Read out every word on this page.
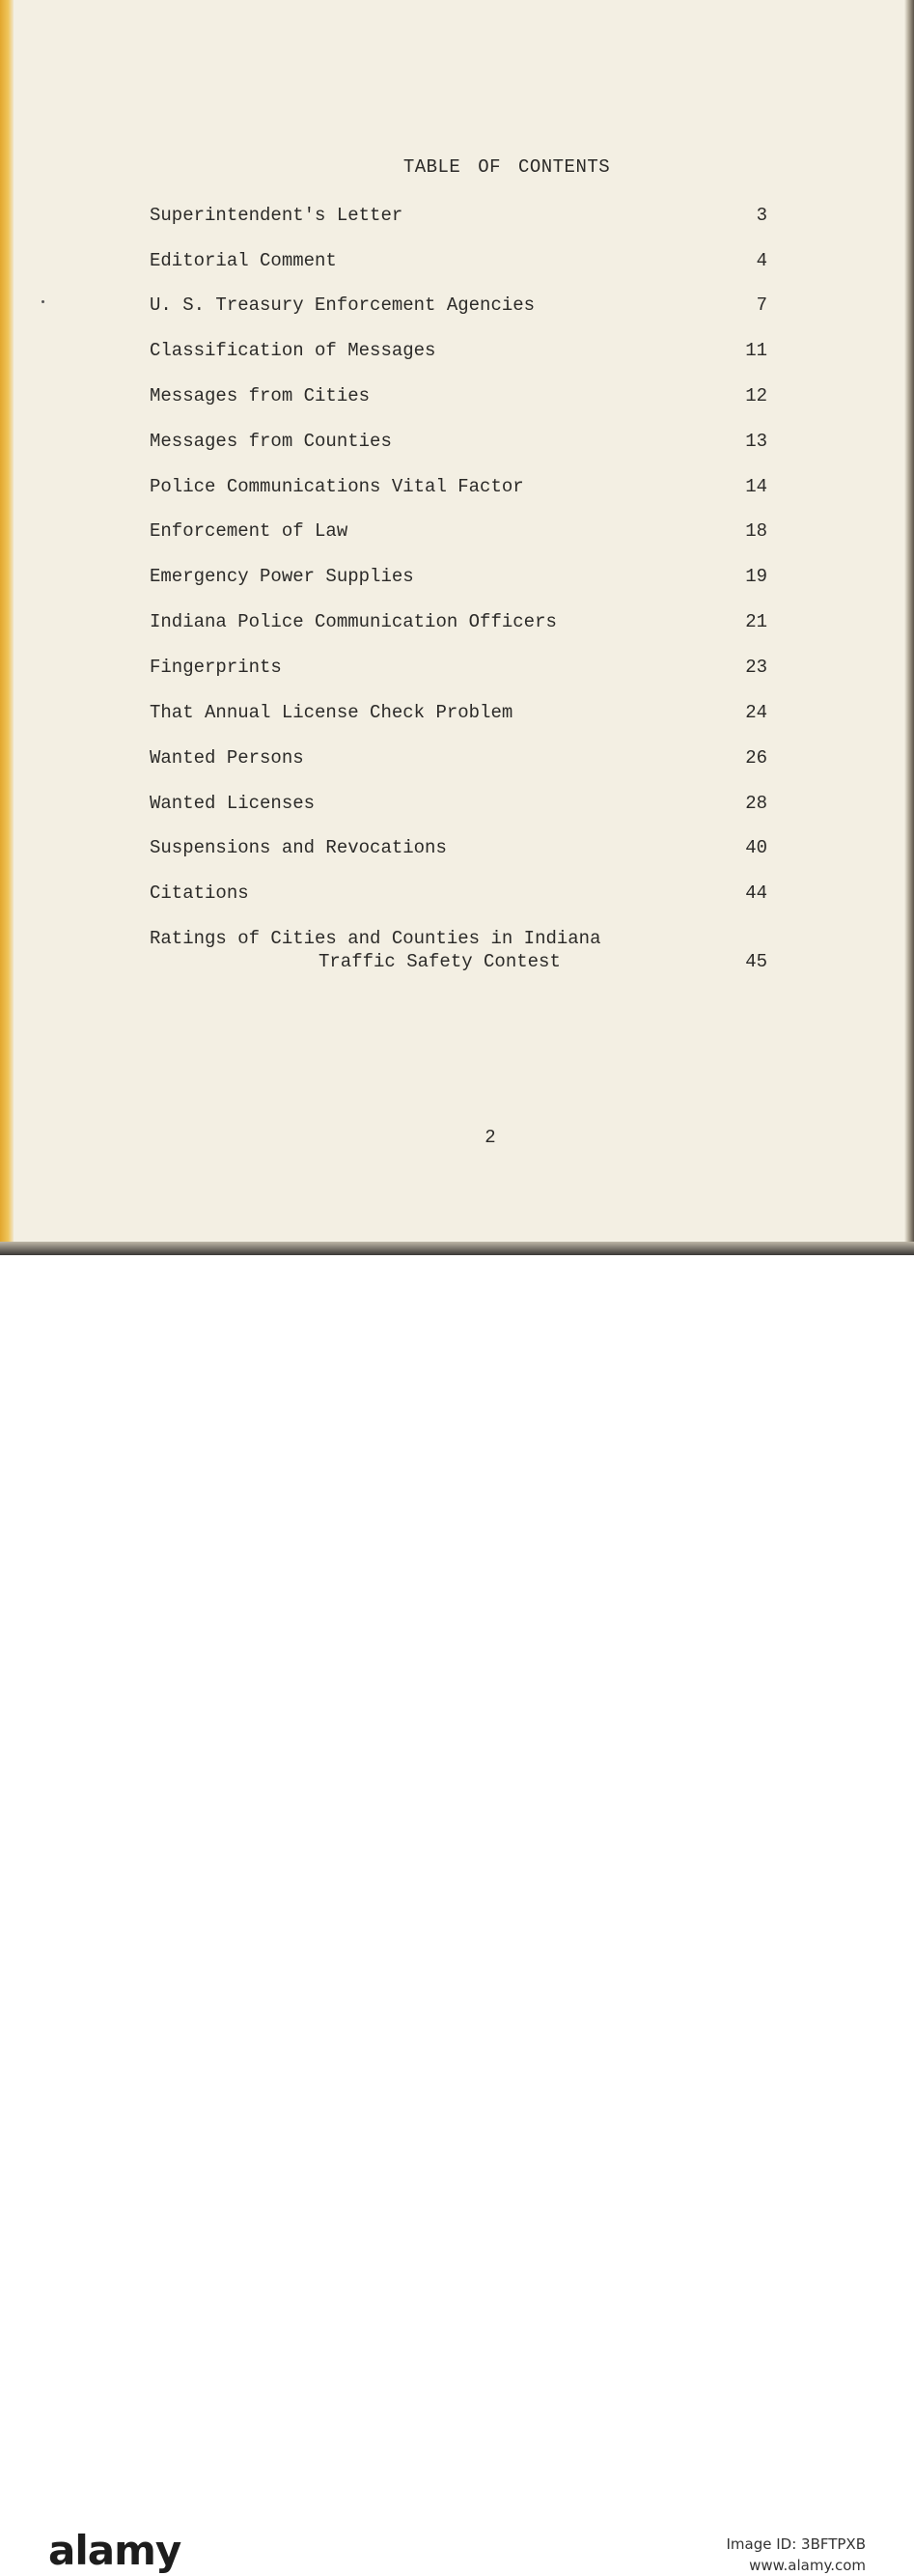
TABLE OF CONTENTS
Superintendent's Letter	3
Editorial Comment	4
U. S. Treasury Enforcement Agencies	7
Classification of Messages	11
Messages from Cities	12
Messages from Counties	13
Police Communications Vital Factor	14
Enforcement of Law	18
Emergency Power Supplies	19
Indiana Police Communication Officers	21
Fingerprints	23
That Annual License Check Problem	24
Wanted Persons	26
Wanted Licenses	28
Suspensions and Revocations	40
Citations	44
Ratings of Cities and Counties in Indiana
Traffic Safety Contest	45
2
alamy	Image ID: 3BFTPXB
www.alamy.com
